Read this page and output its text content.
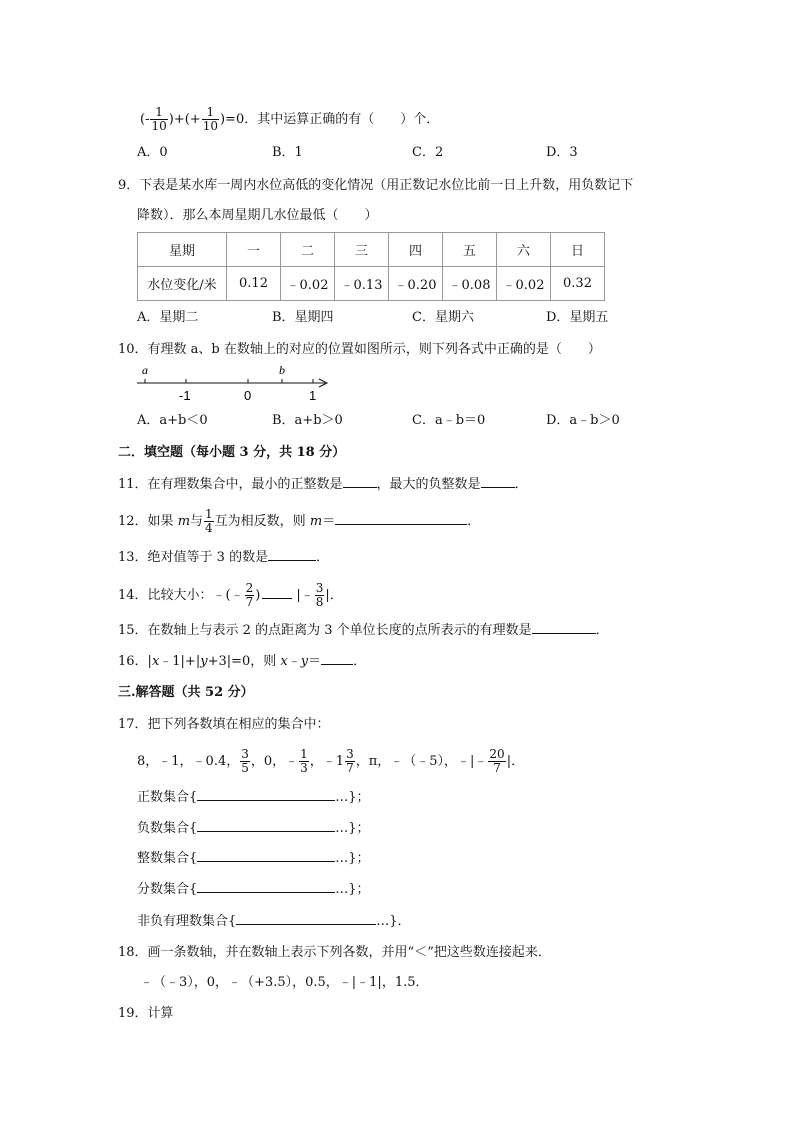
(- $\frac{1}{10}$ )+(+ $\frac{1}{10} )=0$．其中运算正确的有（　　）个．
A．0	B．1	C．2	D．3
9．下表是某水库一周内水位高低的变化情况（用正数记水位比前一日上升数，用负数记下
降数）．那么本周星期几水位最低（　　）
星期	一	二	三	四	五	六	日
水位变化/米	0.12	﹣0.02	﹣0.13	﹣0.20	﹣0.08	﹣0.02	0.32
A．星期二	B．星期四	C．星期六	D．星期五
10．有理数 a、b 在数轴上的对应的位置如图所示，则下列各式中正确的是（　　）
a	b
-1	0	1
A．a+b＜0	B．a+b＞0	C．a﹣b＝0	D．a﹣b＞0
二．填空题（每小题 3 分，共 18 分）
11．在有理数集合中，最小的正整数是	，最大的负整数是	．
12．如果 m与 $\frac{1}{4}$ 互为相反数，则 m＝	．
13．绝对值等于 3 的数是	．
14．比较大小：﹣(﹣ $\frac{2}{7}$ )	|﹣ $\frac{3}{8}$ |．
15．在数轴上与表示 2 的点距离为 3 个单位长度的点所表示的有理数是	．
16．|x﹣1|+|y+3|=0，则 x﹣y＝ ．
三.解答题（共 52 分）
17．把下列各数填在相应的集合中：
8，﹣1，﹣0.4， $\frac{3}{5}$ ，0，﹣ $\frac{1}{3}$ ，﹣1 $\frac{3}{7}$ ，π，﹣（﹣5），﹣|﹣ $\frac{20}{7}$ |．
正数集合{	…}；
负数集合{	…}；
整数集合{	…}；
分数集合{	…}；
非负有理数集合{	…}．
18．画一条数轴，并在数轴上表示下列各数，并用“＜”把这些数连接起来．
﹣（﹣3），0，﹣（+3.5），0.5，﹣|﹣1|，1.5．
19．计算
